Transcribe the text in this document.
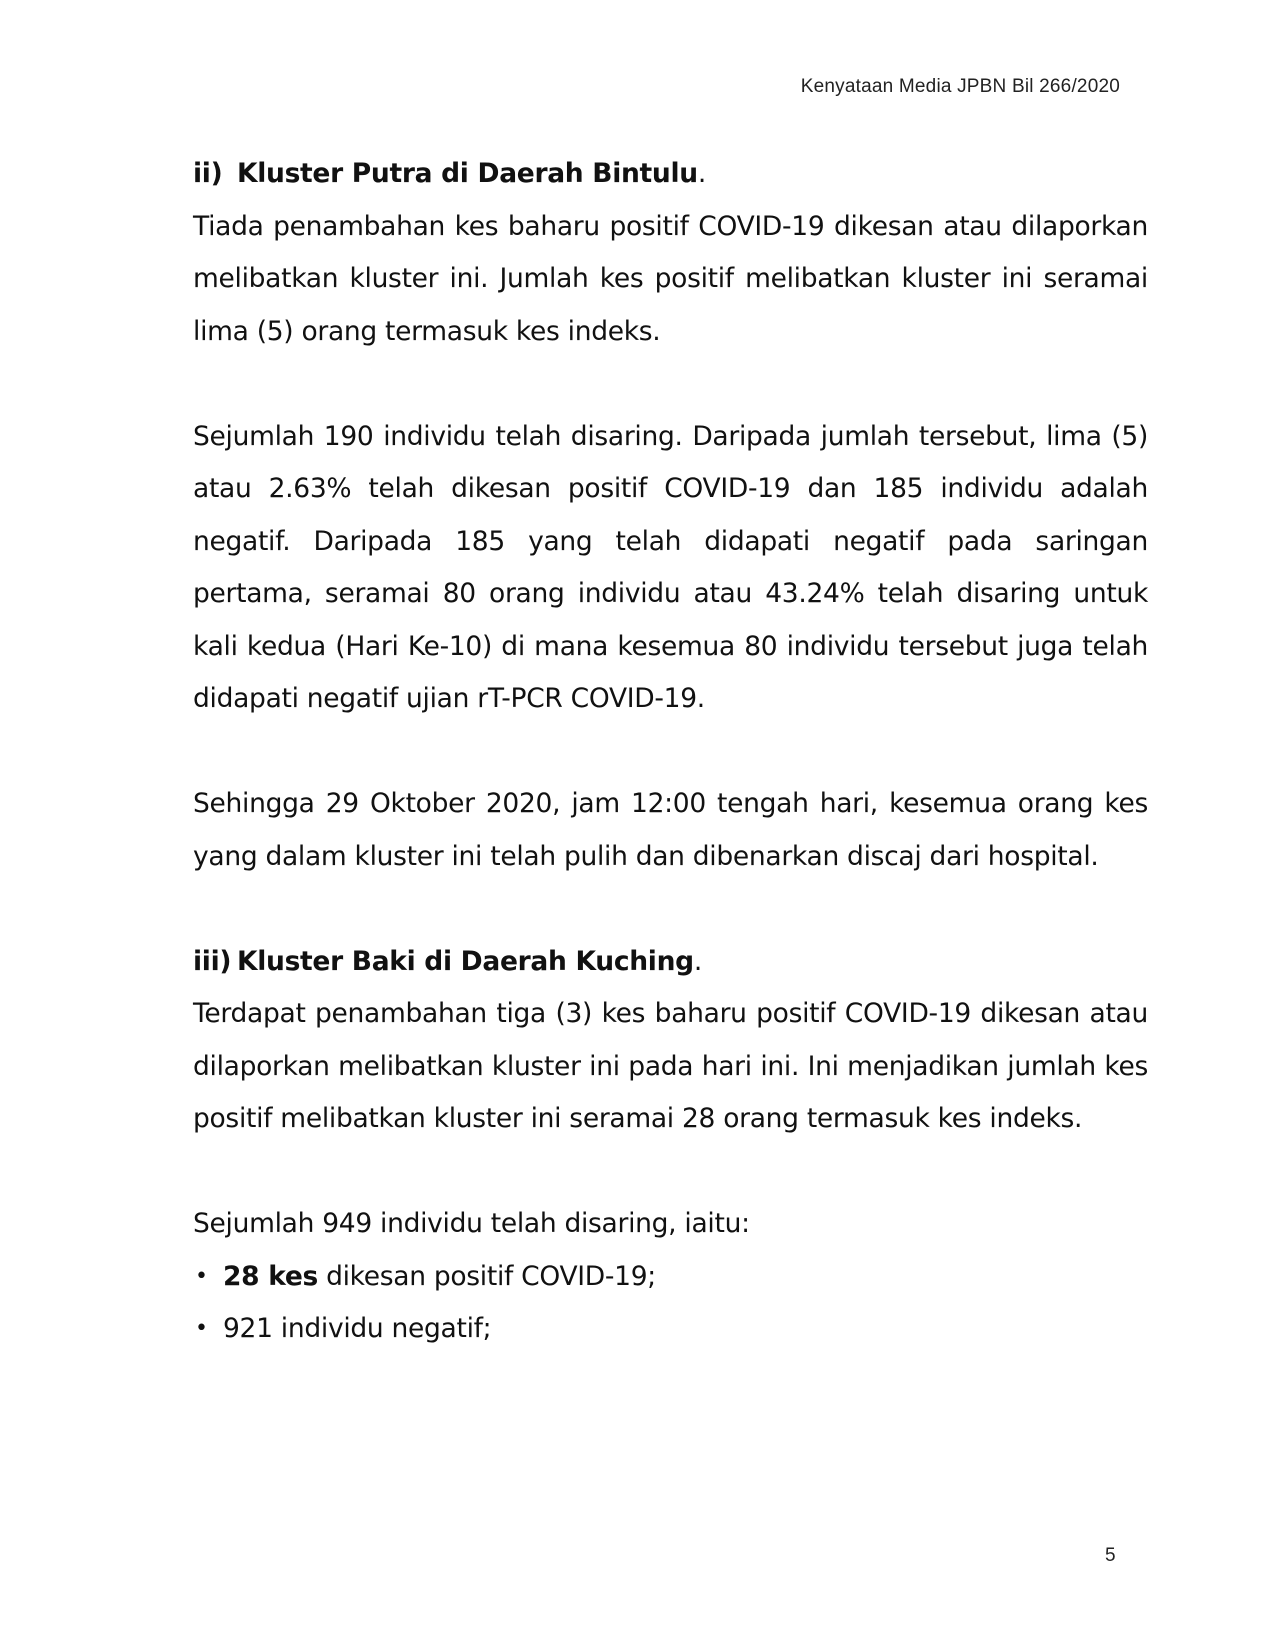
Kenyataan Media JPBN Bil 266/2020
ii) Kluster Putra di Daerah Bintulu .

Tiada penambahan kes baharu positif COVID-19 dikesan atau dilaporkan melibatkan kluster ini. Jumlah kes positif melibatkan kluster ini seramai lima (5) orang termasuk kes indeks.

Sejumlah 190 individu telah disaring. Daripada jumlah tersebut, lima (5) atau 2.63% telah dikesan positif COVID-19 dan 185 individu adalah negatif. Daripada 185 yang telah didapati negatif pada saringan pertama, seramai 80 orang individu atau 43.24% telah disaring untuk kali kedua (Hari Ke-10) di mana kesemua 80 individu tersebut juga telah didapati negatif ujian rT-PCR COVID-19.

Sehingga 29 Oktober 2020, jam 12:00 tengah hari, kesemua orang kes yang dalam kluster ini telah pulih dan dibenarkan discaj dari hospital.

iii) Kluster Baki di Daerah Kuching .

Terdapat penambahan tiga (3) kes baharu positif COVID-19 dikesan atau dilaporkan melibatkan kluster ini pada hari ini. Ini menjadikan jumlah kes positif melibatkan kluster ini seramai 28 orang termasuk kes indeks.

Sejumlah 949 individu telah disaring, iaitu:

• 28 kes dikesan positif COVID-19;
• 921 individu negatif;
5
